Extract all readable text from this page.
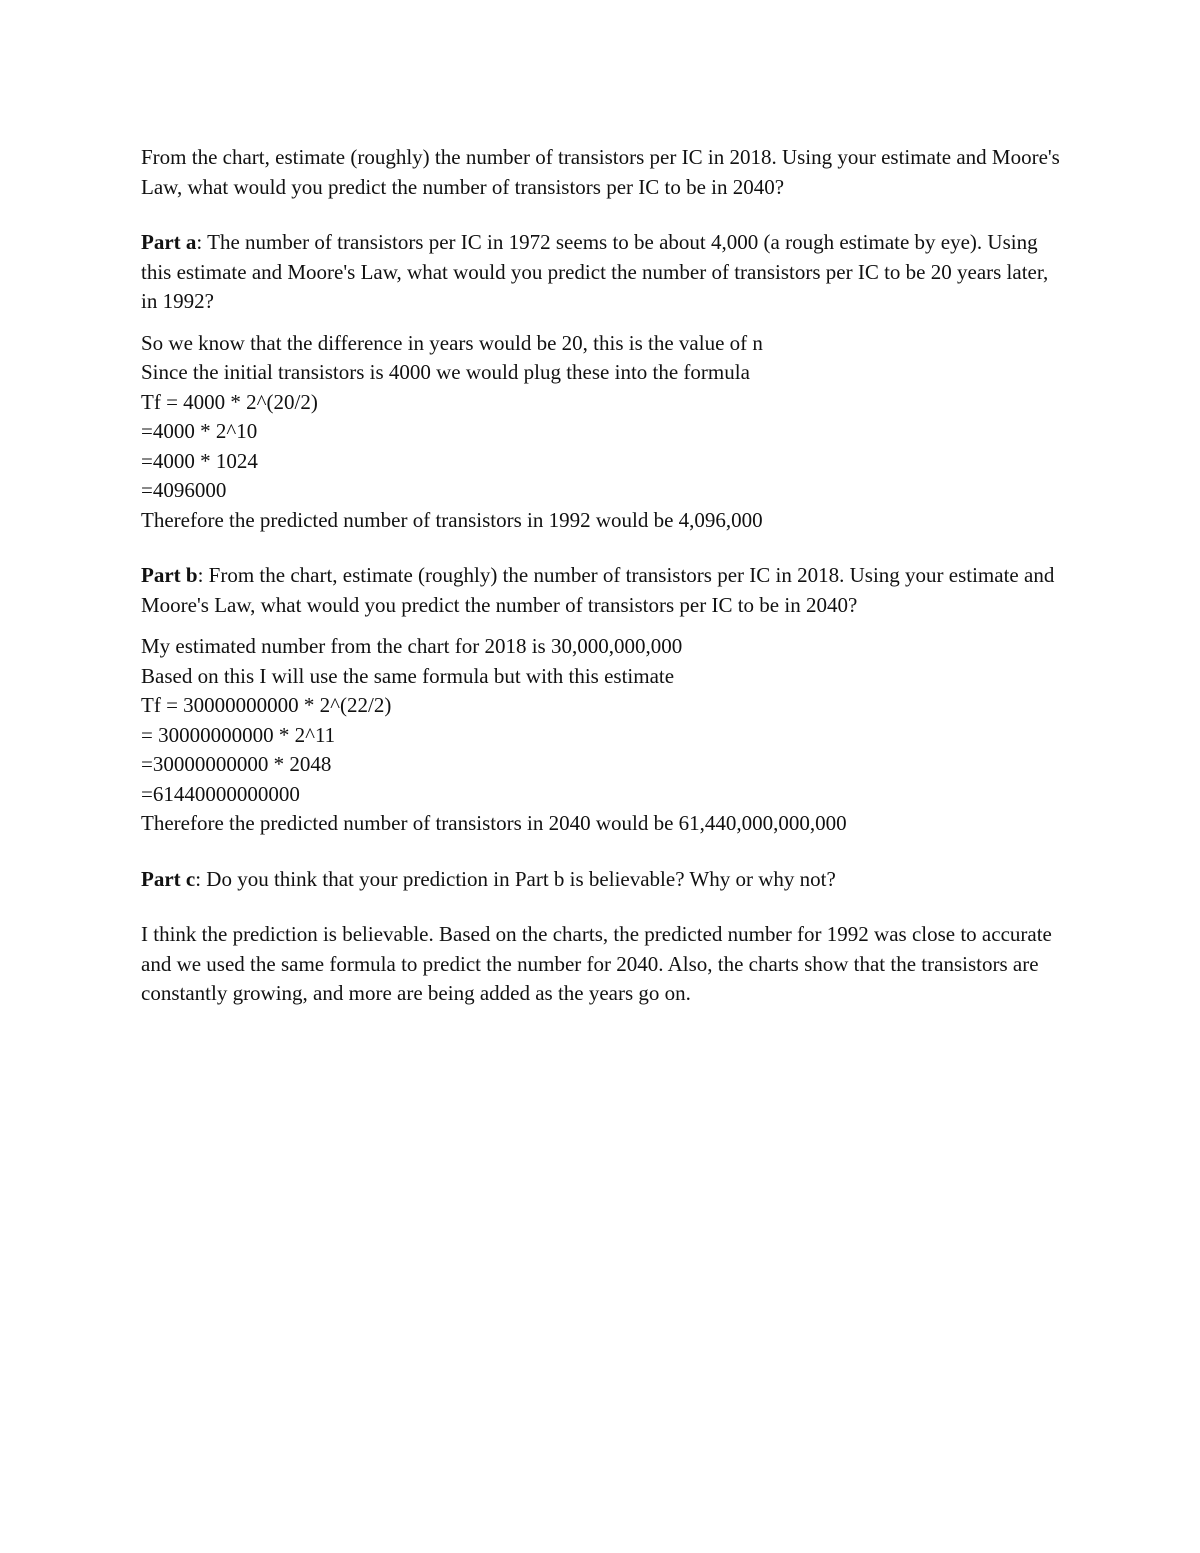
From the chart, estimate (roughly) the number of transistors per IC in 2018. Using your estimate and Moore's Law, what would you predict the number of transistors per IC to be in 2040?

Part a: The number of transistors per IC in 1972 seems to be about 4,000 (a rough estimate by eye). Using this estimate and Moore's Law, what would you predict the number of transistors per IC to be 20 years later, in 1992?

So we know that the difference in years would be 20, this is the value of n
Since the initial transistors is 4000 we would plug these into the formula
Tf = 4000 * 2^(20/2)
=4000 * 2^10
=4000 * 1024
=4096000
Therefore the predicted number of transistors in 1992 would be 4,096,000

Part b: From the chart, estimate (roughly) the number of transistors per IC in 2018. Using your estimate and Moore's Law, what would you predict the number of transistors per IC to be in 2040?

My estimated number from the chart for 2018 is 30,000,000,000
Based on this I will use the same formula but with this estimate
Tf = 30000000000 * 2^(22/2)
= 30000000000 * 2^11
=30000000000 * 2048
=61440000000000
Therefore the predicted number of transistors in 2040 would be 61,440,000,000,000

Part c: Do you think that your prediction in Part b is believable? Why or why not?

I think the prediction is believable. Based on the charts, the predicted number for 1992 was close to accurate and we used the same formula to predict the number for 2040. Also, the charts show that the transistors are constantly growing, and more are being added as the years go on.
